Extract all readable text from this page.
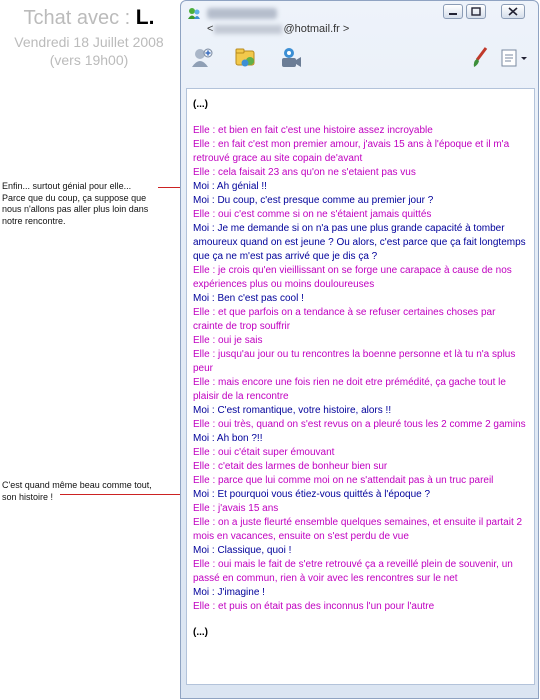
Tchat avec : L.
Vendredi 18 Juillet 2008
(vers 19h00)
Enfin... surtout génial pour elle...
Parce que du coup, ça suppose que
nous n'allons pas aller plus loin dans
notre rencontre.
C'est quand même beau comme tout,
son histoire !
<	@hotmail.fr >
(...)
Elle : et bien en fait c'est une histoire assez incroyable
Elle : en fait c'est mon premier amour, j'avais 15 ans à l'époque et il m'a retrouvé grace au site copain de'avant
Elle : cela faisait 23 ans qu'on ne s'etaient pas vus
Moi : Ah génial !!
Moi : Du coup, c'est presque comme au premier jour ?
Elle : oui c'est comme si on ne s'étaient jamais quittés
Moi : Je me demande si on n'a pas une plus grande capacité à tomber amoureux quand on est jeune ? Ou alors, c'est parce que ça fait longtemps que ça ne m'est pas arrivé que je dis ça ?
Elle : je crois qu'en vieillissant on se forge une carapace à cause de nos expériences plus ou moins douloureuses
Moi : Ben c'est pas cool !
Elle : et que parfois on a tendance à se refuser certaines choses par crainte de trop souffrir
Elle : oui je sais
Elle : jusqu'au jour ou tu rencontres la boenne personne et là tu n'a splus peur
Elle : mais encore une fois rien ne doit etre prémédité, ça gache tout le plaisir de la rencontre
Moi : C'est romantique, votre histoire, alors !!
Elle : oui très, quand on s'est revus on a pleuré tous les 2 comme 2 gamins
Moi : Ah bon ?!!
Elle : oui c'était super émouvant
Elle : c'etait des larmes de bonheur bien sur
Elle : parce que lui comme moi on ne s'attendait pas à un truc pareil
Moi : Et pourquoi vous étiez-vous quittés à l'époque ?
Elle : j'avais 15 ans
Elle : on a juste fleurté ensemble quelques semaines, et ensuite il partait 2 mois en vacances, ensuite on s'est perdu de vue
Moi : Classique, quoi !
Elle : oui mais le fait de s'etre retrouvé ça a reveillé plein de souvenir, un passé en commun, rien à voir avec les rencontres sur le net
Moi : J'imagine !
Elle : et puis on était pas des inconnus l'un pour l'autre
(...)
